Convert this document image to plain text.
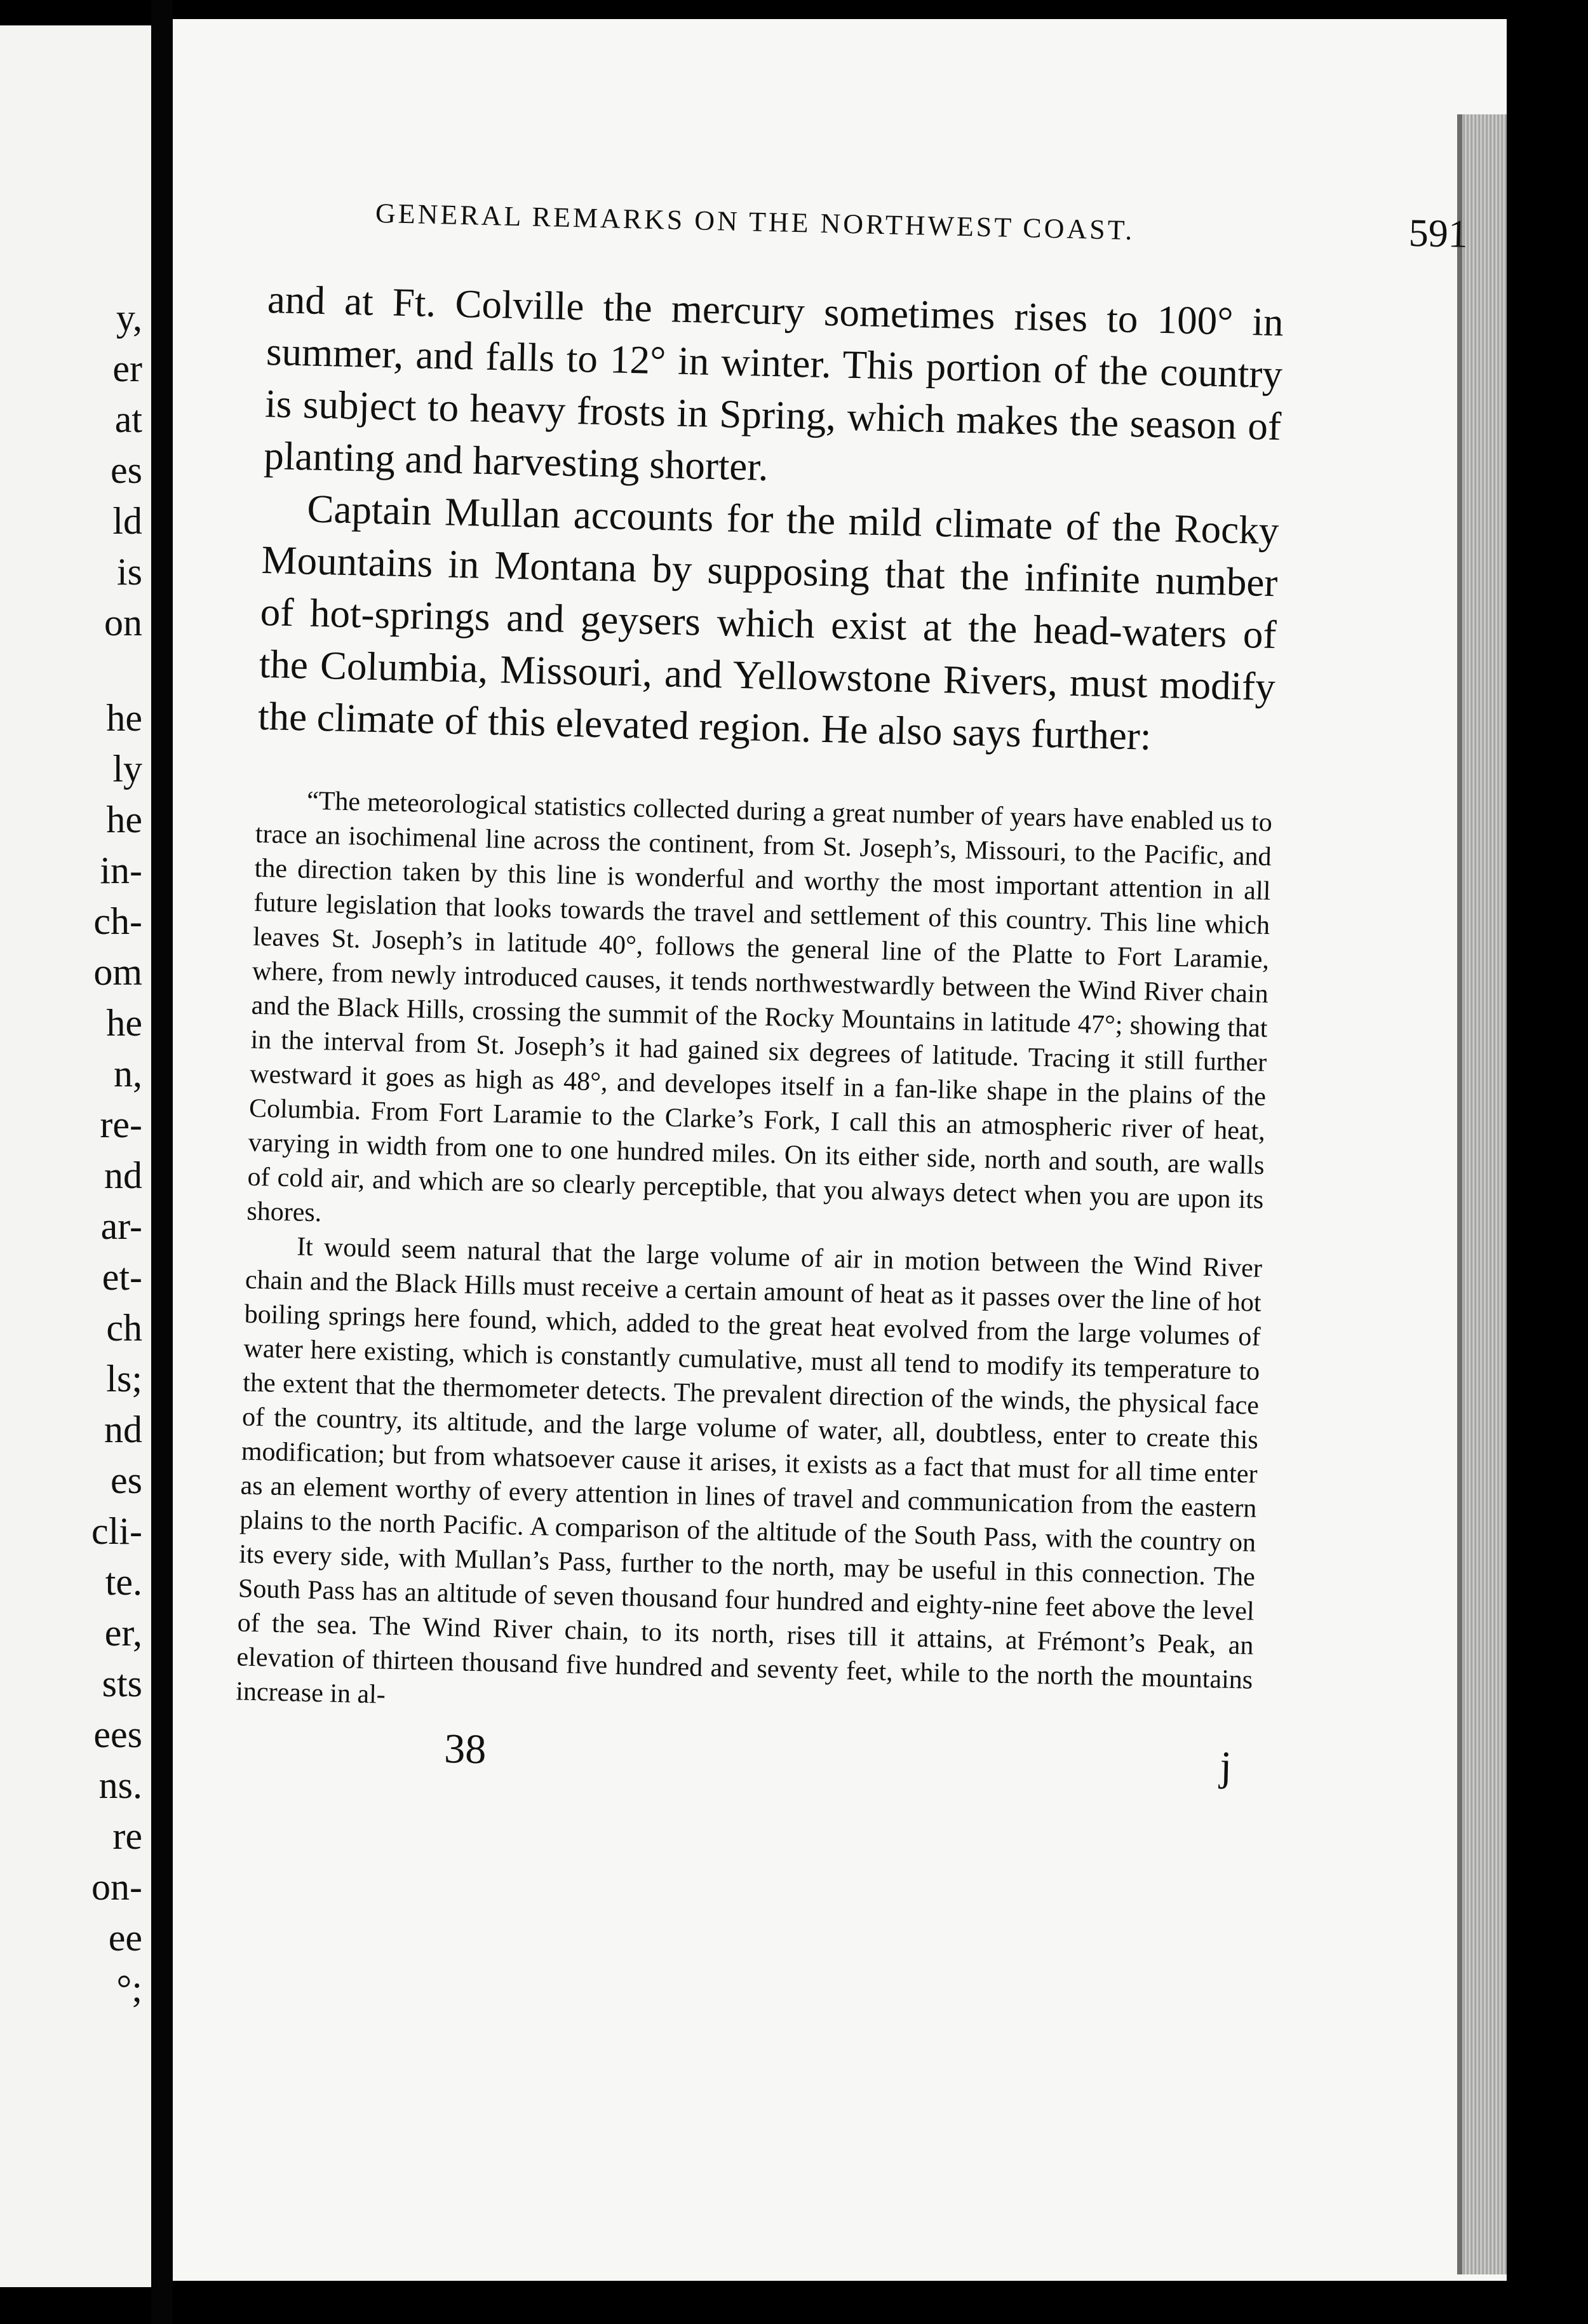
y,
er
at
es
ld
is
on
he
ly
he
in-
ch-
om
he
n,
re-
nd
ar-
et-
ch
ls;
nd
es
cli-
te.
er,
sts
ees
ns.
re
on-
ee
°;
GENERAL REMARKS ON THE NORTHWEST COAST.	591

and at Ft. Colville the mercury sometimes rises to 100° in summer, and falls to 12° in winter. This portion of the country is subject to heavy frosts in Spring, which makes the season of planting and harvesting shorter.

Captain Mullan accounts for the mild climate of the Rocky Mountains in Montana by supposing that the infinite number of hot-springs and geysers which exist at the head-waters of the Columbia, Missouri, and Yellowstone Rivers, must modify the climate of this elevated region. He also says further:

“The meteorological statistics collected during a great number of years have enabled us to trace an isochimenal line across the continent, from St. Joseph’s, Missouri, to the Pacific, and the direction taken by this line is wonderful and worthy the most important attention in all future legislation that looks towards the travel and settlement of this country. This line which leaves St. Joseph’s in latitude 40°, follows the general line of the Platte to Fort Laramie, where, from newly introduced causes, it tends northwestwardly between the Wind River chain and the Black Hills, crossing the summit of the Rocky Mountains in latitude 47°; showing that in the interval from St. Joseph’s it had gained six degrees of latitude. Tracing it still further westward it goes as high as 48°, and developes itself in a fan-like shape in the plains of the Columbia. From Fort Laramie to the Clarke’s Fork, I call this an atmospheric river of heat, varying in width from one to one hundred miles. On its either side, north and south, are walls of cold air, and which are so clearly perceptible, that you always detect when you are upon its shores.

It would seem natural that the large volume of air in motion between the Wind River chain and the Black Hills must receive a certain amount of heat as it passes over the line of hot boiling springs here found, which, added to the great heat evolved from the large volumes of water here existing, which is constantly cumulative, must all tend to modify its temperature to the extent that the thermometer detects. The prevalent direction of the winds, the physical face of the country, its altitude, and the large volume of water, all, doubtless, enter to create this modification; but from whatsoever cause it arises, it exists as a fact that must for all time enter as an element worthy of every attention in lines of travel and communication from the eastern plains to the north Pacific. A comparison of the altitude of the South Pass, with the country on its every side, with Mullan’s Pass, further to the north, may be useful in this connection. The South Pass has an altitude of seven thousand four hundred and eighty-nine feet above the level of the sea. The Wind River chain, to its north, rises till it attains, at Frémont’s Peak, an elevation of thirteen thousand five hundred and seventy feet, while to the north the mountains increase in al-

38	j
